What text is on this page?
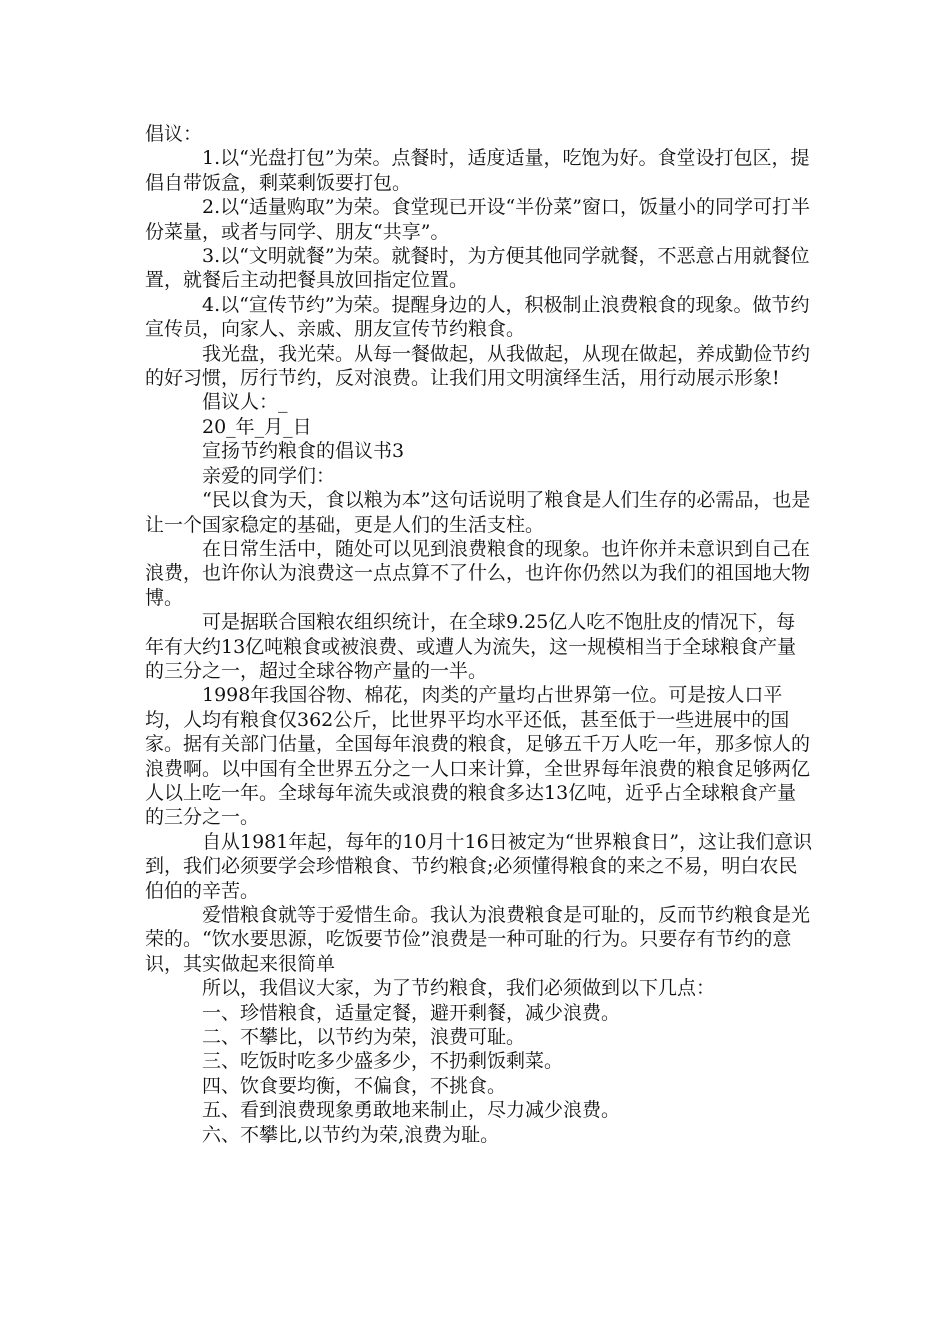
倡议：

1.以“光盘打包”为荣。点餐时，适度适量，吃饱为好。食堂设打包区，提倡自带饭盒，剩菜剩饭要打包。

2.以“适量购取”为荣。食堂现已开设“半份菜”窗口，饭量小的同学可打半份菜量，或者与同学、朋友“共享”。

3.以“文明就餐”为荣。就餐时，为方便其他同学就餐，不恶意占用就餐位置，就餐后主动把餐具放回指定位置。

4.以“宣传节约”为荣。提醒身边的人，积极制止浪费粮食的现象。做节约宣传员，向家人、亲戚、朋友宣传节约粮食。

我光盘，我光荣。从每一餐做起，从我做起，从现在做起，养成勤俭节约的好习惯，厉行节约，反对浪费。让我们用文明演绎生活，用行动展示形象!

倡议人：_

20_年_月_日

宣扬节约粮食的倡议书3

亲爱的同学们：

“民以食为天，食以粮为本”这句话说明了粮食是人们生存的必需品，也是让一个国家稳定的基础，更是人们的生活支柱。

在日常生活中，随处可以见到浪费粮食的现象。也许你并未意识到自己在浪费，也许你认为浪费这一点点算不了什么，也许你仍然以为我们的祖国地大物博。

可是据联合国粮农组织统计，在全球9.25亿人吃不饱肚皮的情况下，每年有大约13亿吨粮食或被浪费、或遭人为流失，这一规模相当于全球粮食产量的三分之一，超过全球谷物产量的一半。

1998年我国谷物、棉花，肉类的产量均占世界第一位。可是按人口平均，人均有粮食仅362公斤，比世界平均水平还低，甚至低于一些进展中的国家。据有关部门估量，全国每年浪费的粮食，足够五千万人吃一年，那多惊人的浪费啊。以中国有全世界五分之一人口来计算，全世界每年浪费的粮食足够两亿人以上吃一年。全球每年流失或浪费的粮食多达13亿吨，近乎占全球粮食产量的三分之一。

自从1981年起，每年的10月十16日被定为“世界粮食日”，这让我们意识到，我们必须要学会珍惜粮食、节约粮食;必须懂得粮食的来之不易，明白农民伯伯的辛苦。

爱惜粮食就等于爱惜生命。我认为浪费粮食是可耻的，反而节约粮食是光荣的。“饮水要思源，吃饭要节俭”浪费是一种可耻的行为。只要存有节约的意识，其实做起来很简单

所以，我倡议大家，为了节约粮食，我们必须做到以下几点：

一、珍惜粮食，适量定餐，避开剩餐，减少浪费。

二、不攀比，以节约为荣，浪费可耻。

三、吃饭时吃多少盛多少，不扔剩饭剩菜。

四、饮食要均衡，不偏食，不挑食。

五、看到浪费现象勇敢地来制止，尽力减少浪费。

六、不攀比,以节约为荣,浪费为耻。
